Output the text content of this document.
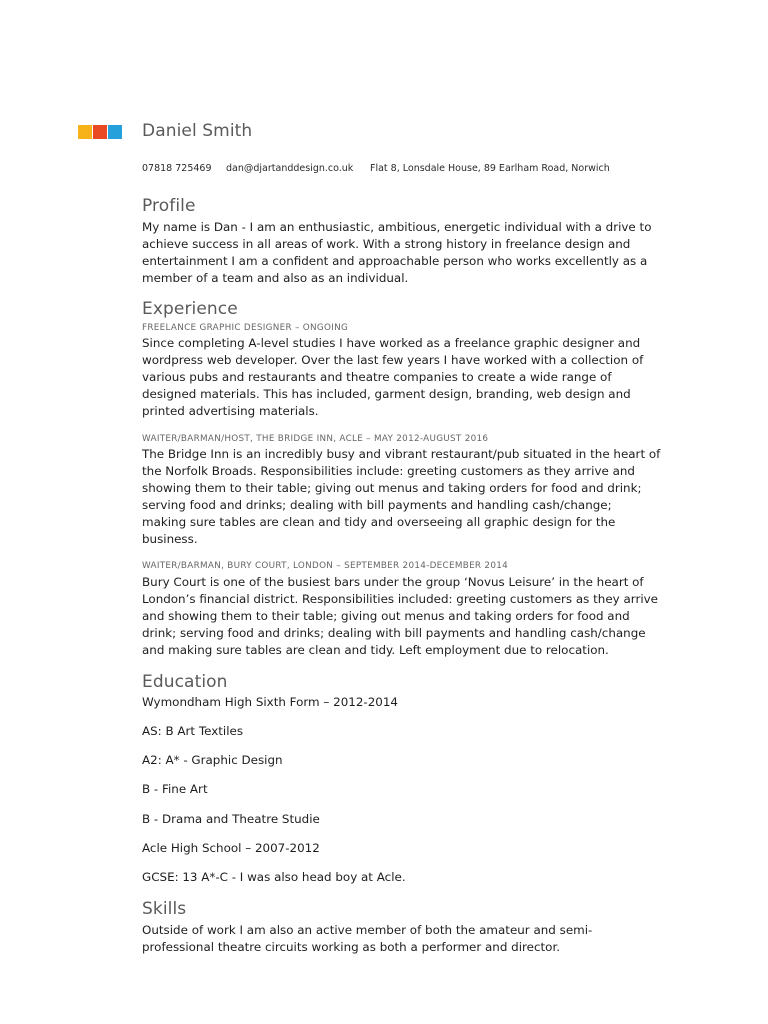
Daniel Smith
07818 725469 dan@djartanddesign.co.uk Flat 8, Lonsdale House, 89 Earlham Road, Norwich
Profile
My name is Dan - I am an enthusiastic, ambitious, energetic individual with a drive to
achieve success in all areas of work. With a strong history in freelance design and
entertainment I am a confident and approachable person who works excellently as a
member of a team and also as an individual.
Experience
FREELANCE GRAPHIC DESIGNER – ONGOING
Since completing A-level studies I have worked as a freelance graphic designer and
wordpress web developer. Over the last few years I have worked with a collection of
various pubs and restaurants and theatre companies to create a wide range of
designed materials. This has included, garment design, branding, web design and
printed advertising materials.
WAITER/BARMAN/HOST, THE BRIDGE INN, ACLE – MAY 2012-AUGUST 2016
The Bridge Inn is an incredibly busy and vibrant restaurant/pub situated in the heart of
the Norfolk Broads. Responsibilities include: greeting customers as they arrive and
showing them to their table; giving out menus and taking orders for food and drink;
serving food and drinks; dealing with bill payments and handling cash/change;
making sure tables are clean and tidy and overseeing all graphic design for the
business.
WAITER/BARMAN, BURY COURT, LONDON – SEPTEMBER 2014-DECEMBER 2014
Bury Court is one of the busiest bars under the group ‘Novus Leisure’ in the heart of
London’s financial district. Responsibilities included: greeting customers as they arrive
and showing them to their table; giving out menus and taking orders for food and
drink; serving food and drinks; dealing with bill payments and handling cash/change
and making sure tables are clean and tidy. Left employment due to relocation.
Education
Wymondham High Sixth Form – 2012-2014
AS: B Art Textiles
A2: A* - Graphic Design
B - Fine Art
B - Drama and Theatre Studie
Acle High School – 2007-2012
GCSE: 13 A*-C - I was also head boy at Acle.
Skills
Outside of work I am also an active member of both the amateur and semi-
professional theatre circuits working as both a performer and director.
